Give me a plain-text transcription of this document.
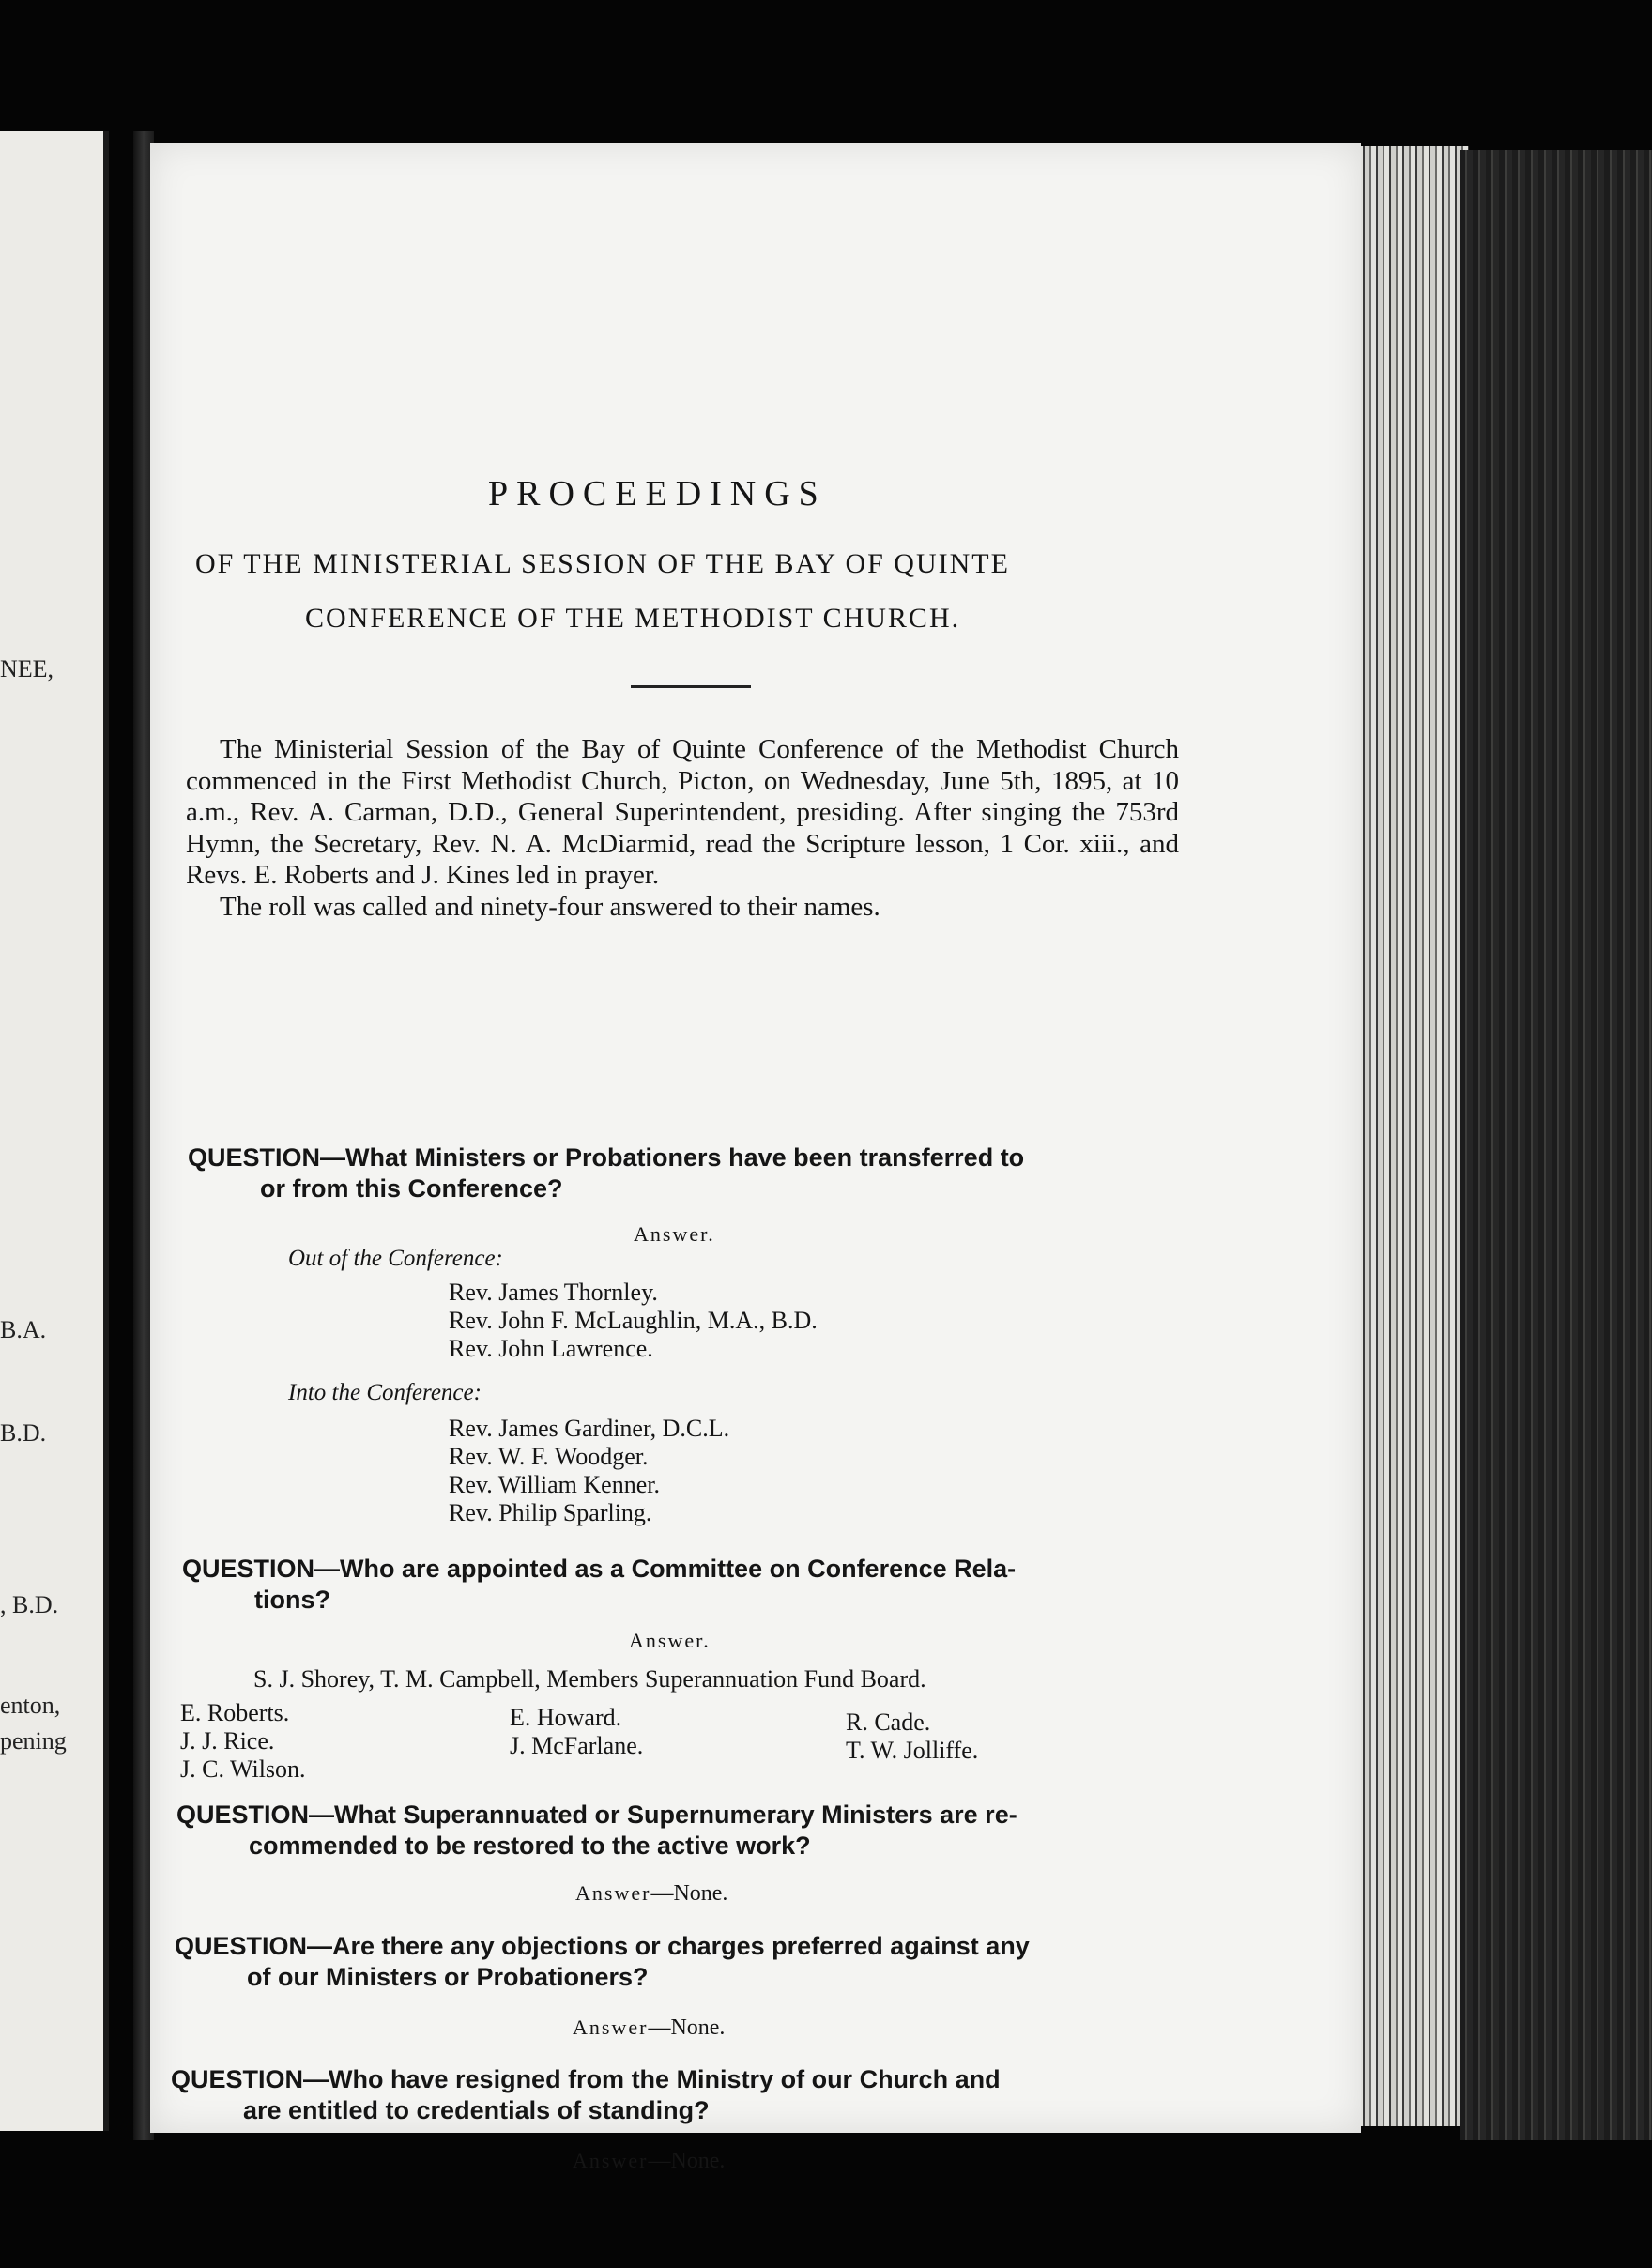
NEE,
B.A.
B.D.
, B.D.
enton,
pening
PROCEEDINGS
OF THE MINISTERIAL SESSION OF THE BAY OF QUINTE
CONFERENCE OF THE METHODIST CHURCH.

The Ministerial Session of the Bay of Quinte Conference of the Methodist Church commenced in the First Methodist Church, Picton, on Wednesday, June 5th, 1895, at 10 a.m., Rev. A. Carman, D.D., General Superintendent, presiding. After singing the 753rd Hymn, the Secretary, Rev. N. A. McDiarmid, read the Scripture lesson, 1 Cor. xiii., and Revs. E. Roberts and J. Kines led in prayer.

The roll was called and ninety-four answered to their names.

QUESTION—What Ministers or Probationers have been transferred to
or from this Conference?
Answer.
Out of the Conference:
Rev. James Thornley.
Rev. John F. McLaughlin, M.A., B.D.
Rev. John Lawrence.
Into the Conference:
Rev. James Gardiner, D.C.L.
Rev. W. F. Woodger.
Rev. William Kenner.
Rev. Philip Sparling.
QUESTION—Who are appointed as a Committee on Conference Rela-
tions?
Answer.
S. J. Shorey, T. M. Campbell, Members Superannuation Fund Board.
E. Roberts.
J. J. Rice.
J. C. Wilson.
E. Howard.
J. McFarlane.
R. Cade.
T. W. Jolliffe.
QUESTION—What Superannuated or Supernumerary Ministers are re-
commended to be restored to the active work?
Answer—None.
QUESTION—Are there any objections or charges preferred against any
of our Ministers or Probationers?
Answer—None.
QUESTION—Who have resigned from the Ministry of our Church and
are entitled to credentials of standing?
Answer—None.
